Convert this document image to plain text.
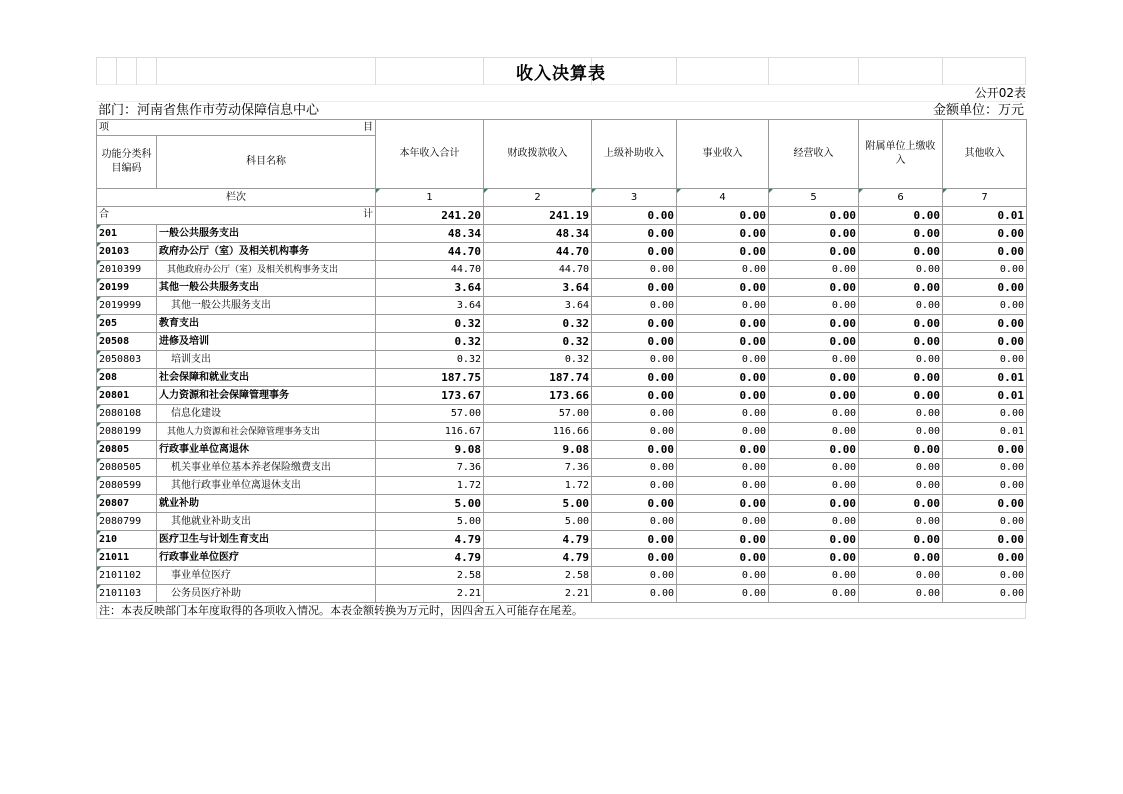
收入决算表
公开02表
部门：河南省焦作市劳动保障信息中心	金额单位：万元
项 目		本年收入合计	财政拨款收入	上级补助收入	事业收入	经营收入	附属单位上缴收入	其他收入
功能分类科目编码	科目名称							
栏次		1	2	3	4	5	6	7

合 计		241.20	241.19	0.00	0.00	0.00	0.00	0.01
201	一般公共服务支出	48.34	48.34	0.00	0.00	0.00	0.00	0.00
20103	政府办公厅（室）及相关机构事务	44.70	44.70	0.00	0.00	0.00	0.00	0.00
2010399	其他政府办公厅（室）及相关机构事务支出	44.70	44.70	0.00	0.00	0.00	0.00	0.00
20199	其他一般公共服务支出	3.64	3.64	0.00	0.00	0.00	0.00	0.00
2019999	其他一般公共服务支出	3.64	3.64	0.00	0.00	0.00	0.00	0.00
205	教育支出	0.32	0.32	0.00	0.00	0.00	0.00	0.00
20508	进修及培训	0.32	0.32	0.00	0.00	0.00	0.00	0.00
2050803	培训支出	0.32	0.32	0.00	0.00	0.00	0.00	0.00
208	社会保障和就业支出	187.75	187.74	0.00	0.00	0.00	0.00	0.01
20801	人力资源和社会保障管理事务	173.67	173.66	0.00	0.00	0.00	0.00	0.01
2080108	信息化建设	57.00	57.00	0.00	0.00	0.00	0.00	0.00
2080199	其他人力资源和社会保障管理事务支出	116.67	116.66	0.00	0.00	0.00	0.00	0.01
20805	行政事业单位离退休	9.08	9.08	0.00	0.00	0.00	0.00	0.00
2080505	机关事业单位基本养老保险缴费支出	7.36	7.36	0.00	0.00	0.00	0.00	0.00
2080599	其他行政事业单位离退休支出	1.72	1.72	0.00	0.00	0.00	0.00	0.00
20807	就业补助	5.00	5.00	0.00	0.00	0.00	0.00	0.00
2080799	其他就业补助支出	5.00	5.00	0.00	0.00	0.00	0.00	0.00
210	医疗卫生与计划生育支出	4.79	4.79	0.00	0.00	0.00	0.00	0.00
21011	行政事业单位医疗	4.79	4.79	0.00	0.00	0.00	0.00	0.00
2101102	事业单位医疗	2.58	2.58	0.00	0.00	0.00	0.00	0.00
2101103	公务员医疗补助	2.21	2.21	0.00	0.00	0.00	0.00	0.00
注：本表反映部门本年度取得的各项收入情况。本表金额转换为万元时，因四舍五入可能存在尾差。
